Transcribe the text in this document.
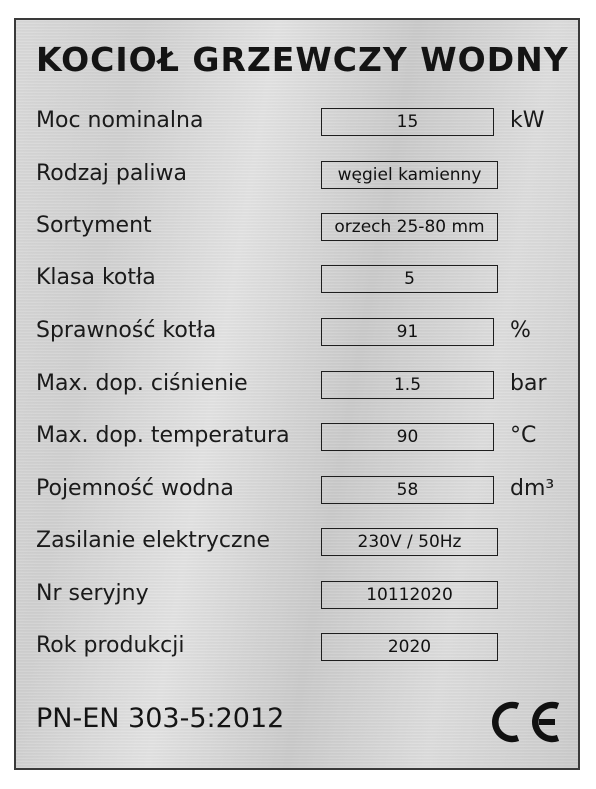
KOCIOŁ GRZEWCZY WODNY
Moc nominalna	15	kW
Rodzaj paliwa	węgiel kamienny
Sortyment	orzech 25-80 mm
Klasa kotła	5
Sprawność kotła	91	%
Max. dop. ciśnienie	1.5	bar
Max. dop. temperatura	90	°C
Pojemność wodna	58	dm³
Zasilanie elektryczne	230V / 50Hz
Nr seryjny	10112020
Rok produkcji	2020
PN-EN 303-5:2012
